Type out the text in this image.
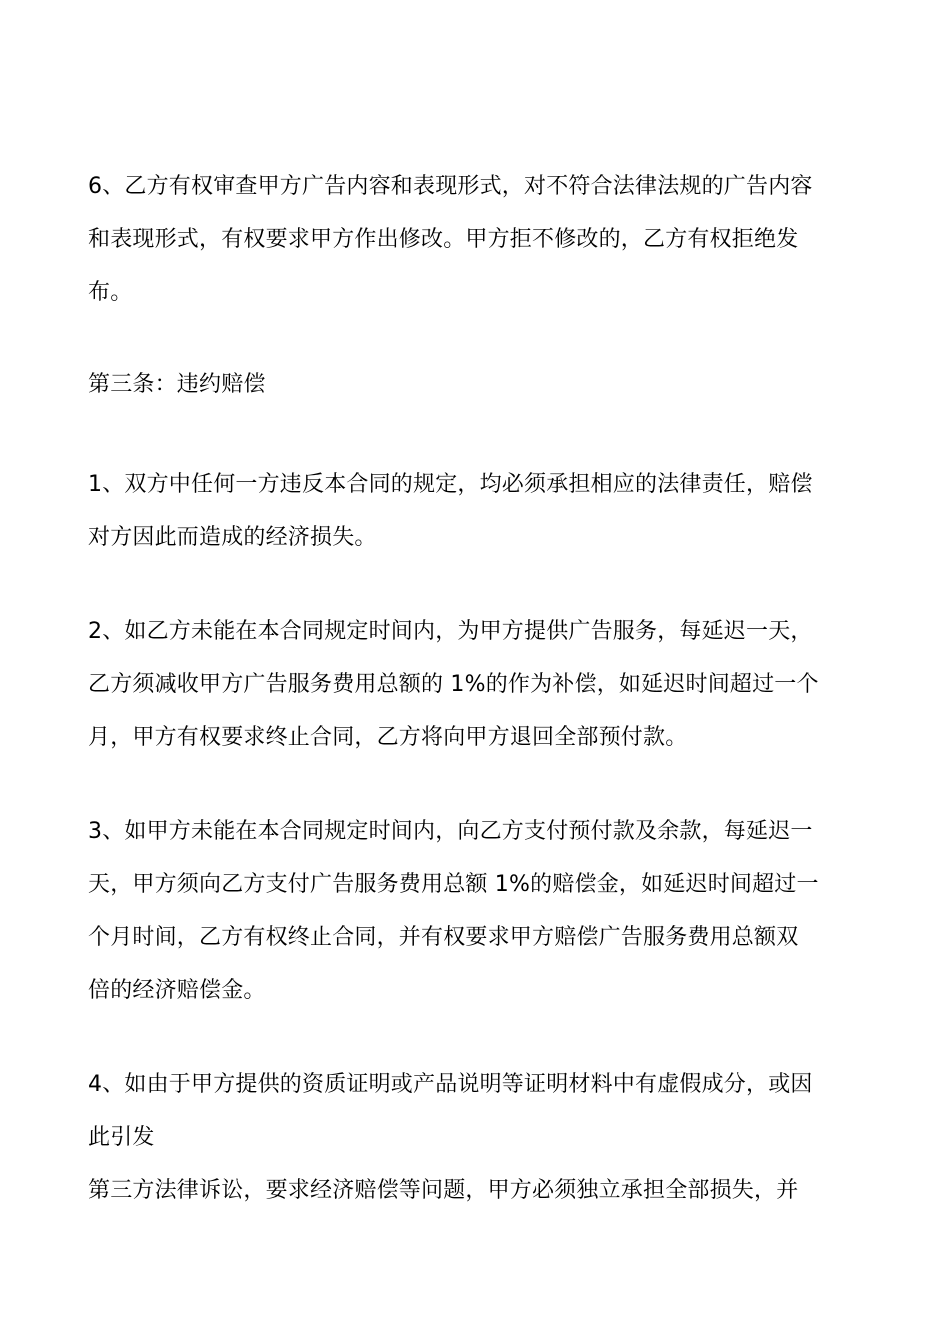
6、乙方有权审查甲方广告内容和表现形式，对不符合法律法规的广告内容
和表现形式，有权要求甲方作出修改。甲方拒不修改的，乙方有权拒绝发
布。
第三条：违约赔偿
1、双方中任何一方违反本合同的规定，均必须承担相应的法律责任，赔偿
对方因此而造成的经济损失。
2、如乙方未能在本合同规定时间内，为甲方提供广告服务，每延迟一天，
乙方须减收甲方广告服务费用总额的 1%的作为补偿，如延迟时间超过一个
月，甲方有权要求终止合同，乙方将向甲方退回全部预付款。
3、如甲方未能在本合同规定时间内，向乙方支付预付款及余款，每延迟一
天，甲方须向乙方支付广告服务费用总额 1%的赔偿金，如延迟时间超过一
个月时间，乙方有权终止合同，并有权要求甲方赔偿广告服务费用总额双
倍的经济赔偿金。
4、如由于甲方提供的资质证明或产品说明等证明材料中有虚假成分，或因
此引发
第三方法律诉讼，要求经济赔偿等问题，甲方必须独立承担全部损失，并
